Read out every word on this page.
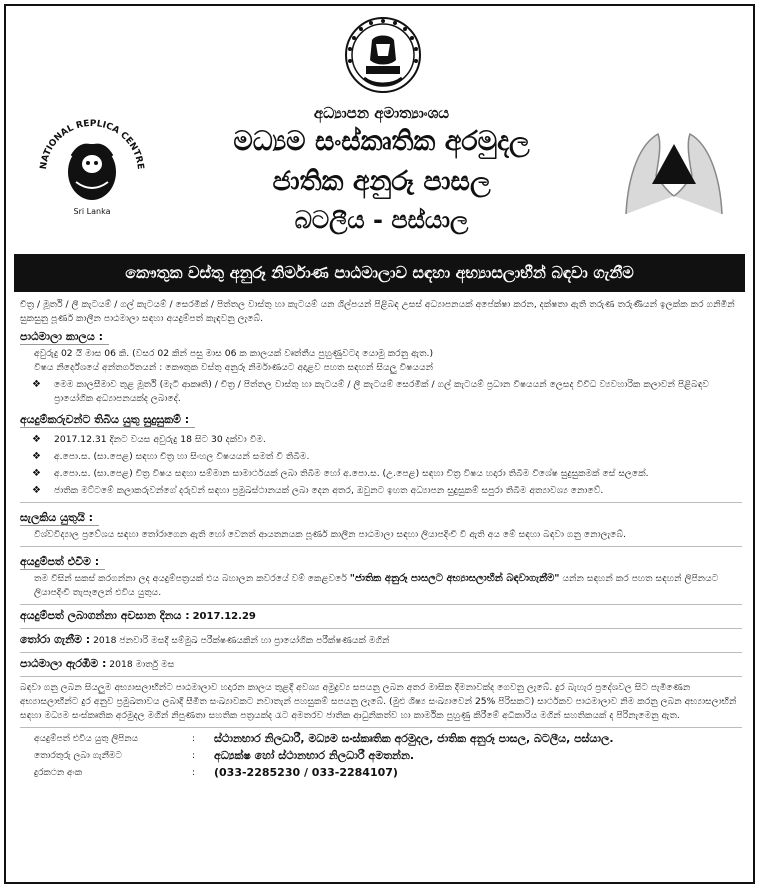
අධ්‍යාපන අමාත්‍යාංශය
මධ්‍යම සංස්කෘතික අරමුදල
ජාතික අනුරූ පාසල
බටලීය - පස්යාල
NATIONAL REPLICA CENTRE
Sri Lanka
කෞතුක වස්තු අනුරූ නිර්මාණ පාඨමාලාව සඳහා අභ්‍යාසලාභීන් බඳවා ගැනීම

චිත්‍ර / මූර්ති / ලී කැටයම් / ගල් කැටයම් / සෙරමික් / පිත්තල වාස්තු හා කැටයම් යන ශිල්පයන් පිළිබඳ උසස් අධ්‍යාපනයක් අපේක්ෂා කරන, දක්ෂතා ඇති තරුණ තරුණියන් ඉලක්ක කර ගනිමින් සුකසුනු පූර්ණ කාලීන පාඨමාලා සඳහා අයදුම්පත් කැඳවනු ලැබේ.

පාඨමාලා කාලය :

අවුරුදු 02 යි මාස 06 කි. (වසර 02 කින් පසු මාස 06 ක කාලයක් වෘත්තීය පුහුණුවටද යොමු කරනු ඇත.)

විෂය නිර්දේශයේ අන්තර්ගතයන් : කෞතුක වස්තු අනුරූ නිර්මාණයට අදාළව පහත සඳහන් සියලු විෂයයන්

❖ මෙම කාලසීමාව තුළ මූර්ති (මැටි ආකෘති) / චිත්‍ර / පිත්තල වාස්තු හා කැටයම් / ලී කැටයම් සෙරමික් / ගල් කැටයම් ප්‍රධාන විෂයයන් ලෙසද විවිධ ව්‍යවහාරික කලාවන් පිළිබඳව ප්‍රායෝගික අධ්‍යාපනයක්ද ලබාදේ.
අයදුම්කරුවන්ට තිබිය යුතු සුදුසුකම් :
❖ 2017.12.31 දිනට වයස අවුරුදු 18 සිට 30 දක්වා විම.
❖ අ.පො.ස. (සා.පෙළ) සඳහා චිත්‍ර හා සිංහල විෂයයන් සමත් වී තිබීම.
❖ අ.පො.ස. (සා.පෙළ) චිත්‍ර විෂය සඳහා සම්මාන සාමාර්ථයක් ලබා තිබීම හෝ අ.පො.ස. (උ.පෙළ) සඳහා චිත්‍ර විෂය හදාරා තිබීම විශේෂ සුදුසුකමක් සේ සලකේ.
❖ ජාතික මට්ටමේ කලාකරුවන්ගේ දරුවන් සඳහා ප්‍රමුඛස්ථානයක් ලබා දෙන අතර, ඔවුනට ඉහත අධ්‍යාපන සුදුසුකම් සපුරා තිබීම අත්‍යාවශ්‍ය නොවේ.
සැලකිය යුතුයි :

විශ්වවිද්‍යාල ප්‍රවේශය සඳහා තෝරාගෙන ඇති හෝ වෙනත් ආයතනයක පූර්ණ කාලීන පාඨමාලා සඳහා ලියාපදිංචි වී ඇති අය මේ සඳහා බඳවා ගනු නොලැබේ.

අයදුම්පත් එවීම :

තම විසින් සකස් කරගන්නා ලද අයදුම්පත්‍රයක් එය බහාලන කවරයේ වම් කෙළවරේ "ජාතික අනුරූ පාසලට අභ්‍යාසලාභීන් බඳවාගැනීම" යන්න සඳහන් කර පහත සඳහන් ලිපිනයට ලියාපදිංචි තැපෑලෙන් එවිය යුතුය.

අයදුම්පත් ලබාගන්නා අවසාන දිනය : 2017.12.29

තෝරා ගැනීම : 2018 ජනවාරි මසදී සම්මුඛ පරීක්ෂණයකින් හා ප්‍රායෝගික පරීක්ෂණයක් මගින්

පාඨමාලා ඇරඹීම : 2018 මාර්තු මස

බඳවා ගනු ලබන සියලුම අභ්‍යාසලාභීන්ට පාඨමාලාව හදාරන කාලය තුළදී අවශ්‍ය අමුද්‍රව්‍ය සපයනු ලබන අතර මාසික දීමනාවක්ද ගෙවනු ලැබේ. දුර බැහැර ප්‍රදේශවල සිට පැමිණෙන අභ්‍යාසලාභීන්ට දුර අනුව ප්‍රමුඛතාවය ලබාදී සීමිත සංඛ්‍යාවකට නවාතැන් පහසුකම් සපයනු ලැබේ. (මුළු ශිෂ්‍ය සංඛ්‍යාවෙන් 25% පිරිසකට) සාර්ථකව පාඨමාලාව නිම කරනු ලබන අභ්‍යාසලාභීන් සඳහා මධ්‍යම සංස්කෘතික අරමුදල මගින් නිපුණතා සහතික පත්‍රයක්ද රැට අමතරව ජාතික ආධුනිකත්ව හා කාර්මික පුහුණු කිරීමේ අධිකාරිය මගින් සහතිකයක් ද පිරිනැමෙනු ඇත.

අයදුම්පත් එවිය යුතු ලිපිනය	:	ස්ථානභාර නිලධාරී, මධ්‍යම සංස්කෘතික අරමුදල, ජාතික අනුරූ පාසල, බටලීය, පස්යාල.
තොරතුරු ලබා ගැනීමට	:	අධ්‍යක්ෂ හෝ ස්ථානභාර නිලධාරී අමතන්න.
දුරකථන අංක	:	(033-2285230 / 033-2284107)
